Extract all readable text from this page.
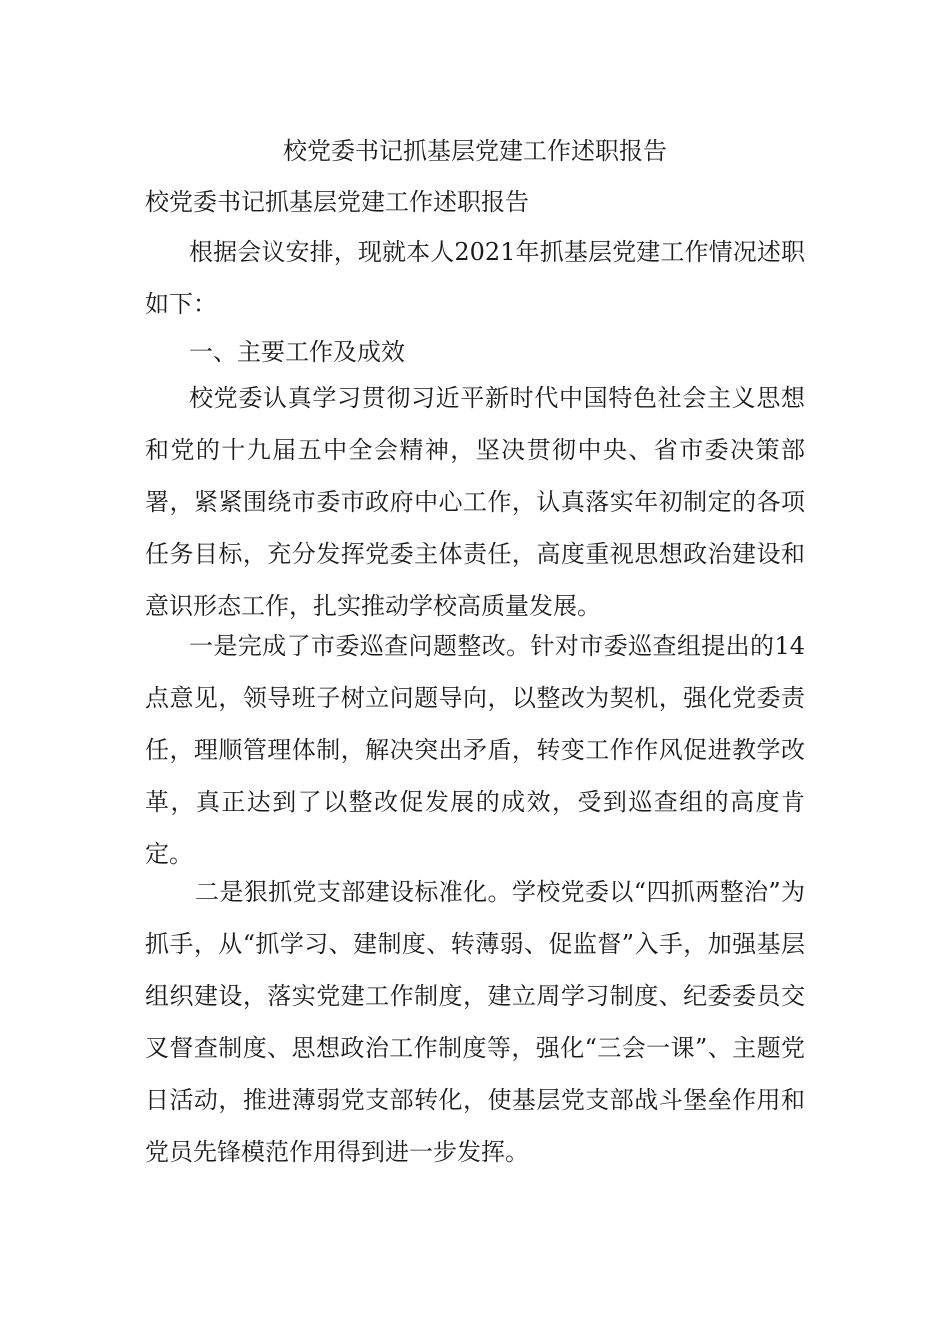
校党委书记抓基层党建工作述职报告
校党委书记抓基层党建工作述职报告

根据会议安排，现就本人2021年抓基层党建工作情况述职如下：

一、主要工作及成效

校党委认真学习贯彻习近平新时代中国特色社会主义思想和党的十九届五中全会精神，坚决贯彻中央、省市委决策部署，紧紧围绕市委市政府中心工作，认真落实年初制定的各项任务目标，充分发挥党委主体责任，高度重视思想政治建设和意识形态工作，扎实推动学校高质量发展。

一是完成了市委巡查问题整改。针对市委巡查组提出的14点意见，领导班子树立问题导向，以整改为契机，强化党委责任，理顺管理体制，解决突出矛盾，转变工作作风促进教学改革，真正达到了以整改促发展的成效，受到巡查组的高度肯定。

二是狠抓党支部建设标准化。学校党委以“四抓两整治”为抓手，从“抓学习、建制度、转薄弱、促监督”入手，加强基层组织建设，落实党建工作制度，建立周学习制度、纪委委员交叉督查制度、思想政治工作制度等，强化“三会一课”、主题党日活动，推进薄弱党支部转化，使基层党支部战斗堡垒作用和党员先锋模范作用得到进一步发挥。
